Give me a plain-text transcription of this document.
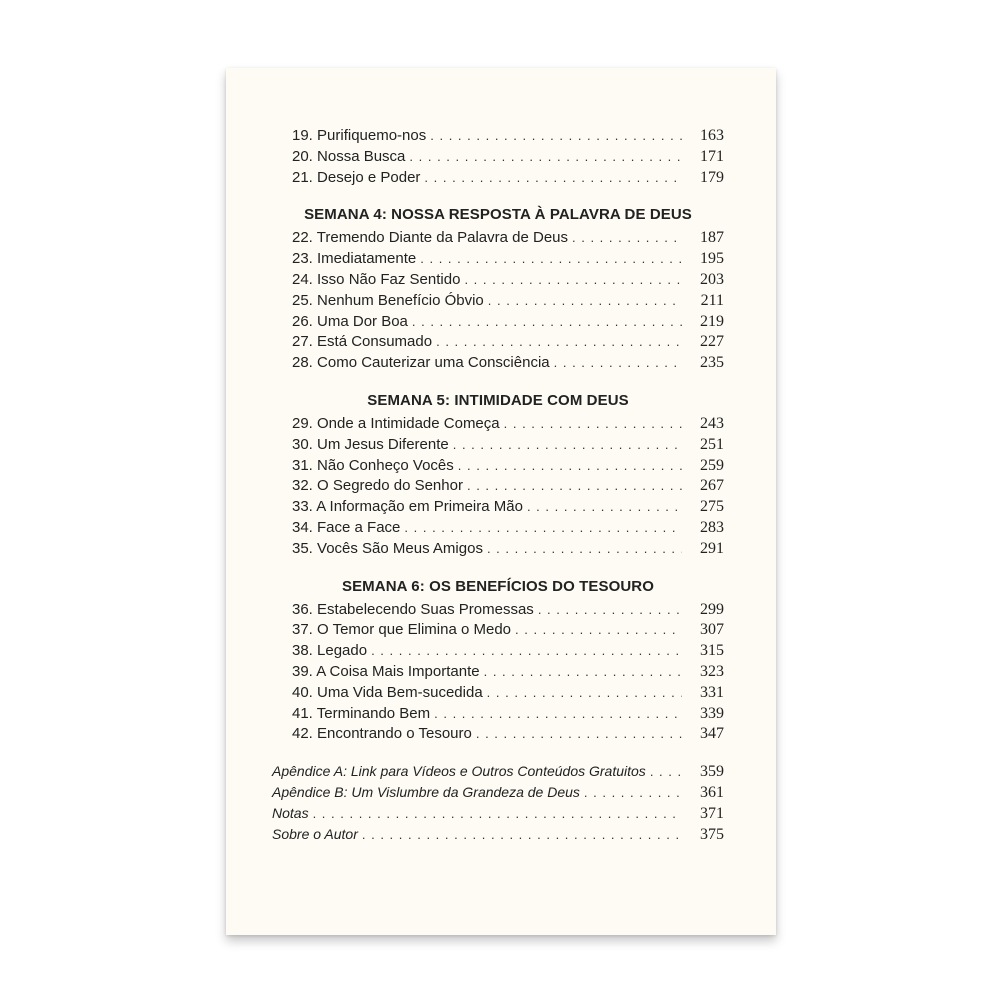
19. Purifiquemo-nos . . .	163
20. Nossa Busca . . .	171
21. Desejo e Poder . . .	179
SEMANA 4: NOSSA RESPOSTA À PALAVRA DE DEUS
22. Tremendo Diante da Palavra de Deus . . .	187
23. Imediatamente . . .	195
24. Isso Não Faz Sentido . . .	203
25. Nenhum Benefício Óbvio . . .	211
26. Uma Dor Boa . . .	219
27. Está Consumado . . .	227
28. Como Cauterizar uma Consciência . . .	235
SEMANA 5: INTIMIDADE COM DEUS
29. Onde a Intimidade Começa . . .	243
30. Um Jesus Diferente . . .	251
31. Não Conheço Vocês . . .	259
32. O Segredo do Senhor . . .	267
33. A Informação em Primeira Mão . . .	275
34. Face a Face . . .	283
35. Vocês São Meus Amigos . . .	291
SEMANA 6: OS BENEFÍCIOS DO TESOURO
36. Estabelecendo Suas Promessas . . .	299
37. O Temor que Elimina o Medo . . .	307
38. Legado . . .	315
39. A Coisa Mais Importante . . .	323
40. Uma Vida Bem-sucedida . . .	331
41. Terminando Bem . . .	339
42. Encontrando o Tesouro . . .	347
Apêndice A: Link para Vídeos e Outros Conteúdos Gratuitos . . .	359
Apêndice B: Um Vislumbre da Grandeza de Deus . . .	361
Notas . . .	371
Sobre o Autor . . .	375
